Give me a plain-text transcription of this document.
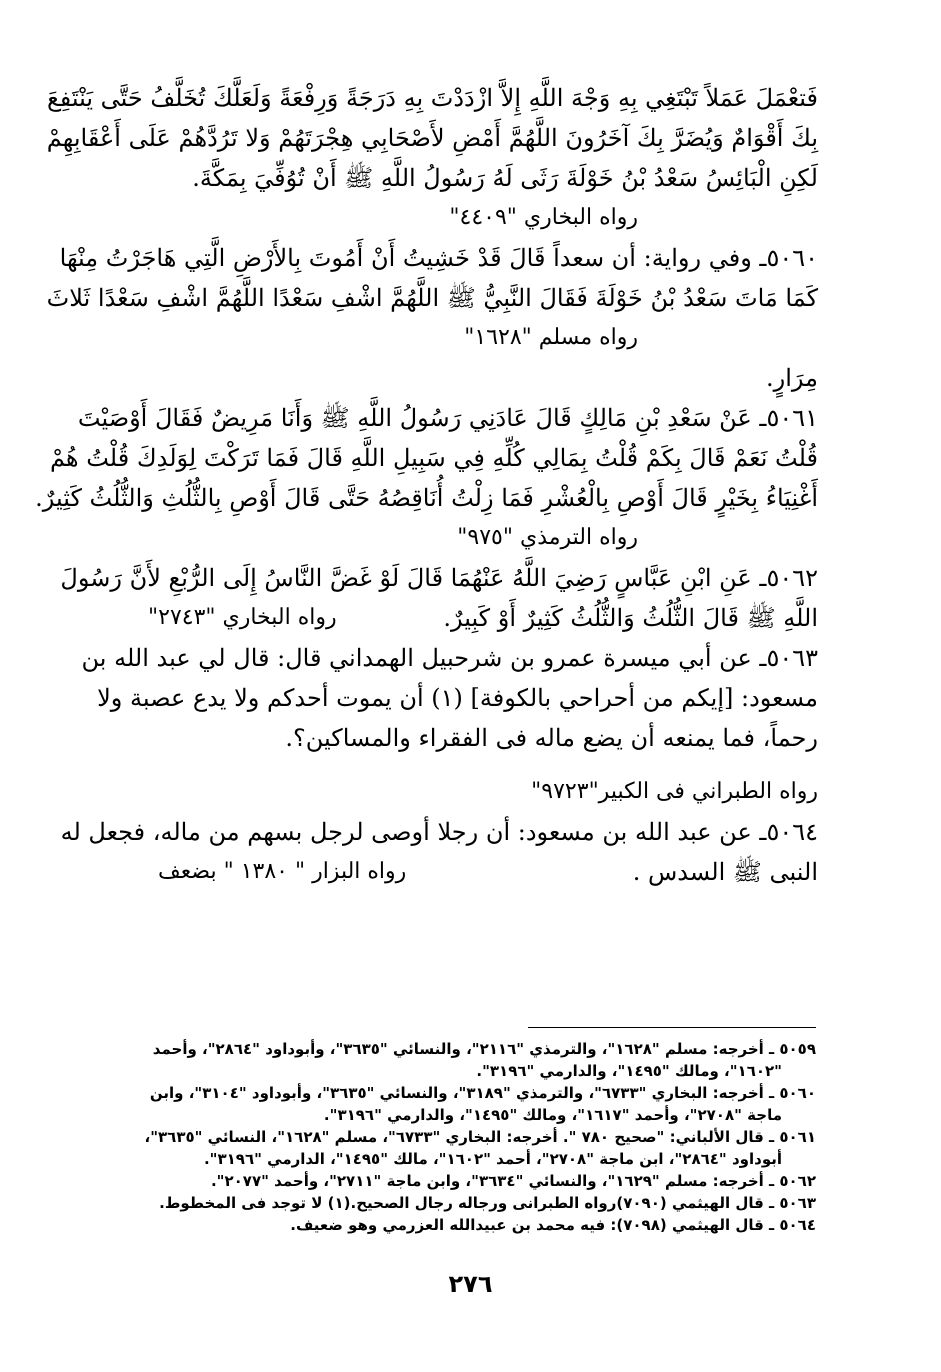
فَتعْمَلَ عَمَلاً تَبْتَغِي بِهِ وَجْهَ اللَّهِ إِلاَّ ازْدَدْتَ بِهِ دَرَجَةً وَرِفْعَةً وَلَعَلَّكَ تُخَلَّفُ حَتَّى يَنْتَفِعَ
بِكَ أَقْوَامٌ وَيُضَرَّ بِكَ آخَرُونَ اللَّهُمَّ أَمْضِ لأَصْحَابِي هِجْرَتَهُمْ وَلا تَرُدَّهُمْ عَلَى أَعْقَابِهِمْ
لَكِنِ الْبَائِسُ سَعْدُ بْنُ خَوْلَةَ رَثَى لَهُ رَسُولُ اللَّهِ ﷺ أَنْ تُوُفِّيَ بِمَكَّةَ.
رواه البخاري "٤٤٠٩"
٥٠٦٠ـ وفي رواية: أن سعداً قَالَ قَدْ خَشِيتُ أَنْ أَمُوتَ بِالأَرْضِ الَّتِي هَاجَرْتُ مِنْهَا
كَمَا مَاتَ سَعْدُ بْنُ خَوْلَةَ فَقَالَ النَّبِيُّ ﷺ اللَّهُمَّ اشْفِ سَعْدًا اللَّهُمَّ اشْفِ سَعْدًا ثَلاثَ
رواه مسلم "١٦٢٨"
مِرَارٍ.
٥٠٦١ـ عَنْ سَعْدِ بْنِ مَالِكٍ قَالَ عَادَنِي رَسُولُ اللَّهِ ﷺ وَأَنَا مَرِيضٌ فَقَالَ أَوْصَيْتَ
قُلْتُ نَعَمْ قَالَ بِكَمْ قُلْتُ بِمَالِي كُلِّهِ فِي سَبِيلِ اللَّهِ قَالَ فَمَا تَرَكْتَ لِوَلَدِكَ قُلْتُ هُمْ
أَغْنِيَاءُ بِخَيْرٍ قَالَ أَوْصِ بِالْعُشْرِ فَمَا زِلْتُ أُنَاقِصُهُ حَتَّى قَالَ أَوْصِ بِالثُّلُثِ وَالثُّلُثُ كَثِيرٌ.
رواه الترمذي "٩٧٥"
٥٠٦٢ـ عَنِ ابْنِ عَبَّاسٍ رَضِيَ اللَّهُ عَنْهُمَا قَالَ لَوْ غَضَّ النَّاسُ إِلَى الرُّبْعِ لأَنَّ رَسُولَ
اللَّهِ ﷺ قَالَ الثُّلُثُ وَالثُّلُثُ كَثِيرٌ أَوْ كَبِيرٌ.
رواه البخاري "٢٧٤٣"
٥٠٦٣ـ عن أبي ميسرة عمرو بن شرحبيل الهمداني قال: قال لي عبد الله بن
مسعود: [إيكم من أحراحي بالكوفة] (١) أن يموت أحدكم ولا يدع عصبة ولا
رحماً، فما يمنعه أن يضع ماله فى الفقراء والمساكين؟.
رواه الطبراني فى الكبير"٩٧٢٣"
٥٠٦٤ـ عن عبد الله بن مسعود: أن رجلا أوصى لرجل بسهم من ماله، فجعل له
النبى ﷺ السدس .
رواه البزار " ١٣٨٠ " بضعف
٥٠٥٩ ـ أخرجه: مسلم "١٦٢٨"، والترمذي "٢١١٦"، والنسائي "٣٦٣٥"، وأبوداود "٢٨٦٤"، وأحمد
"١٦٠٢"، ومالك "١٤٩٥"، والدارمي "٣١٩٦".
٥٠٦٠ ـ أخرجه: البخاري "٦٧٣٣"، والترمذي "٣١٨٩"، والنسائي "٣٦٣٥"، وأبوداود "٣١٠٤"، وابن
ماجة "٢٧٠٨"، وأحمد "١٦١٧"، ومالك "١٤٩٥"، والدارمي "٣١٩٦".
٥٠٦١ ـ قال الألباني: "صحيح ٧٨٠ ". أخرجه: البخاري "٦٧٣٣"، مسلم "١٦٢٨"، النسائي "٣٦٣٥"،
أبوداود "٢٨٦٤"، ابن ماجة "٢٧٠٨"، أحمد "١٦٠٢"، مالك "١٤٩٥"، الدارمي "٣١٩٦".
٥٠٦٢ ـ أخرجه: مسلم "١٦٢٩"، والنسائي "٣٦٣٤"، وابن ماجة "٢٧١١"، وأحمد "٢٠٧٧".
٥٠٦٣ ـ قال الهيثمي (٧٠٩٠)رواه الطبرانى ورجاله رجال الصحيح.(١) لا توجد فى المخطوط.
٥٠٦٤ ـ قال الهيثمي (٧٠٩٨): فيه محمد بن عبيدالله العزرمي وهو ضعيف.
٢٧٦
